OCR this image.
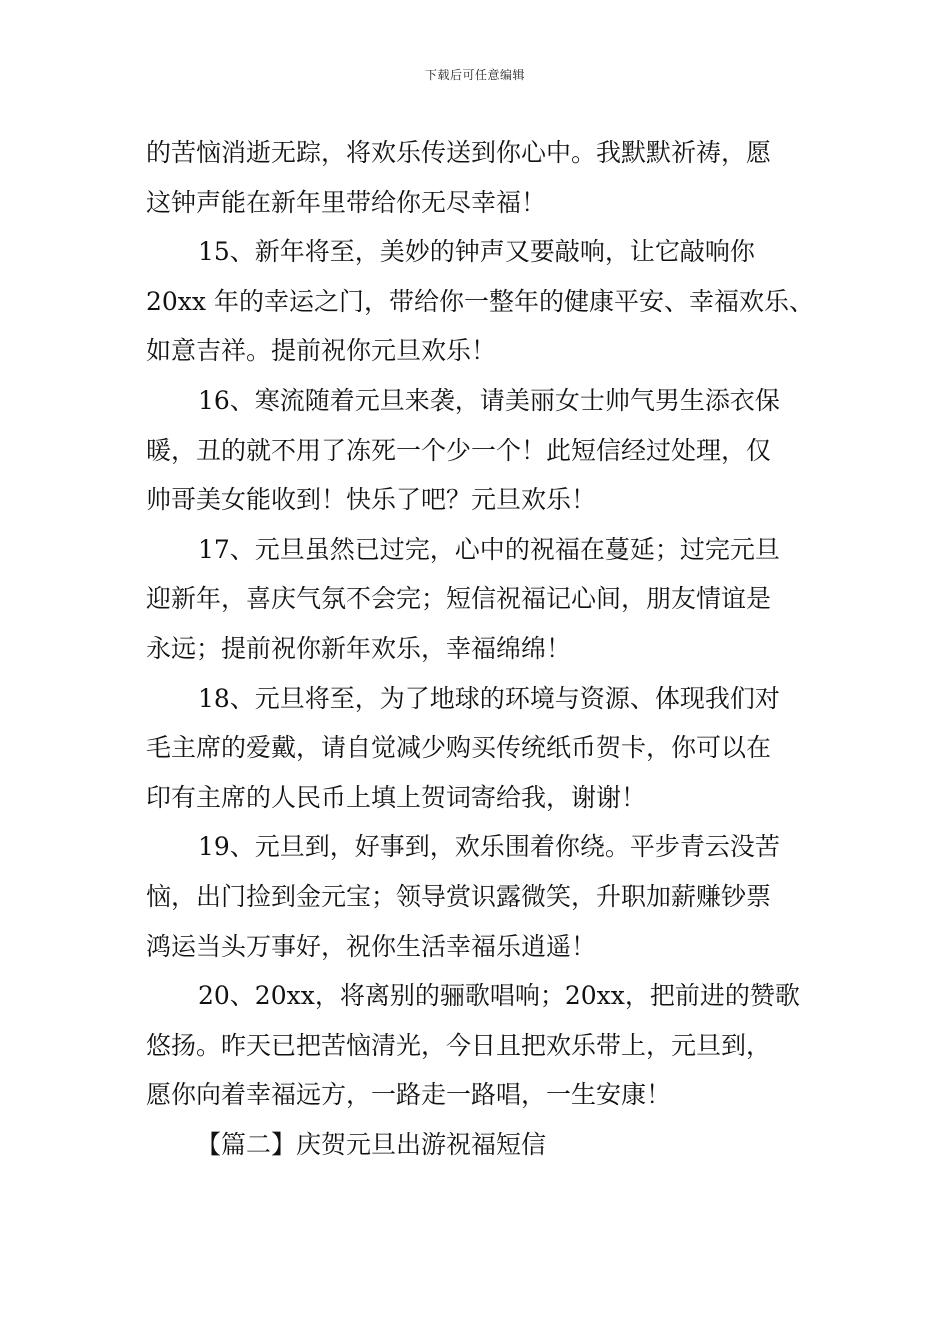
下载后可任意编辑
的苦恼消逝无踪，将欢乐传送到你心中。我默默祈祷，愿
这钟声能在新年里带给你无尽幸福！
15、新年将至，美妙的钟声又要敲响，让它敲响你
20xx 年的幸运之门，带给你一整年的健康平安、幸福欢乐、
如意吉祥。提前祝你元旦欢乐！
16、寒流随着元旦来袭，请美丽女士帅气男生添衣保
暖，丑的就不用了冻死一个少一个！此短信经过处理，仅
帅哥美女能收到！快乐了吧？元旦欢乐！
17、元旦虽然已过完，心中的祝福在蔓延；过完元旦
迎新年，喜庆气氛不会完；短信祝福记心间，朋友情谊是
永远；提前祝你新年欢乐，幸福绵绵！
18、元旦将至，为了地球的环境与资源、体现我们对
毛主席的爱戴，请自觉减少购买传统纸币贺卡，你可以在
印有主席的人民币上填上贺词寄给我，谢谢！
19、元旦到，好事到，欢乐围着你绕。平步青云没苦
恼，出门捡到金元宝；领导赏识露微笑，升职加薪赚钞票
鸿运当头万事好，祝你生活幸福乐逍遥！
20、20xx，将离别的骊歌唱响；20xx，把前进的赞歌
悠扬。昨天已把苦恼清光，今日且把欢乐带上，元旦到，
愿你向着幸福远方，一路走一路唱，一生安康！
【篇二】庆贺元旦出游祝福短信
